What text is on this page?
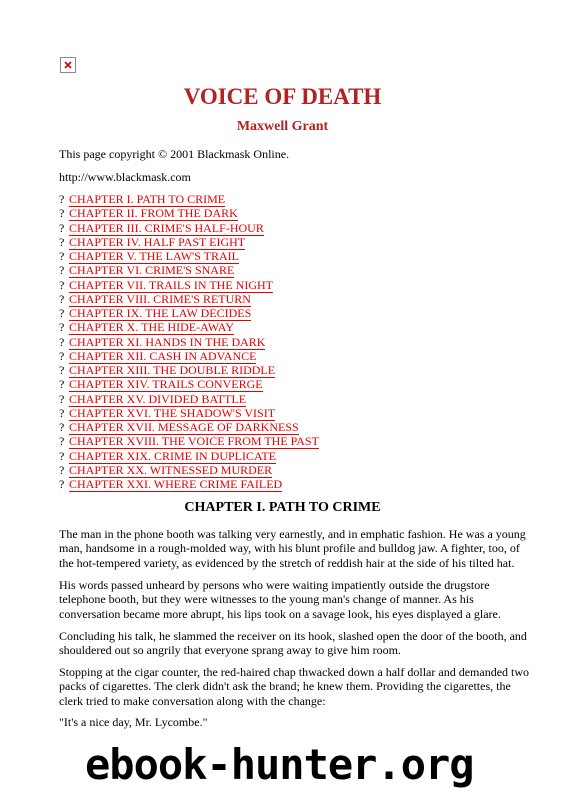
VOICE OF DEATH
Maxwell Grant

This page copyright © 2001 Blackmask Online.

http://www.blackmask.com

? CHAPTER I. PATH TO CRIME
? CHAPTER II. FROM THE DARK
? CHAPTER III. CRIME'S HALF-HOUR
? CHAPTER IV. HALF PAST EIGHT
? CHAPTER V. THE LAW'S TRAIL
? CHAPTER VI. CRIME'S SNARE
? CHAPTER VII. TRAILS IN THE NIGHT
? CHAPTER VIII. CRIME'S RETURN
? CHAPTER IX. THE LAW DECIDES
? CHAPTER X. THE HIDE-AWAY
? CHAPTER XI. HANDS IN THE DARK
? CHAPTER XII. CASH IN ADVANCE
? CHAPTER XIII. THE DOUBLE RIDDLE
? CHAPTER XIV. TRAILS CONVERGE
? CHAPTER XV. DIVIDED BATTLE
? CHAPTER XVI. THE SHADOW'S VISIT
? CHAPTER XVII. MESSAGE OF DARKNESS
? CHAPTER XVIII. THE VOICE FROM THE PAST
? CHAPTER XIX. CRIME IN DUPLICATE
? CHAPTER XX. WITNESSED MURDER
? CHAPTER XXI. WHERE CRIME FAILED
· · ·
CHAPTER I. PATH TO CRIME

The man in the phone booth was talking very earnestly, and in emphatic fashion. He was a young man, handsome in a rough-molded way, with his blunt profile and bulldog jaw. A fighter, too, of the hot-tempered variety, as evidenced by the stretch of reddish hair at the side of his tilted hat.

His words passed unheard by persons who were waiting impatiently outside the drugstore telephone booth, but they were witnesses to the young man's change of manner. As his conversation became more abrupt, his lips took on a savage look, his eyes displayed a glare.

Concluding his talk, he slammed the receiver on its hook, slashed open the door of the booth, and shouldered out so angrily that everyone sprang away to give him room.

Stopping at the cigar counter, the red-haired chap thwacked down a half dollar and demanded two packs of cigarettes. The clerk didn't ask the brand; he knew them. Providing the cigarettes, the clerk tried to make conversation along with the change:

"It's a nice day, Mr. Lycombe."

ebook-hunter.org
